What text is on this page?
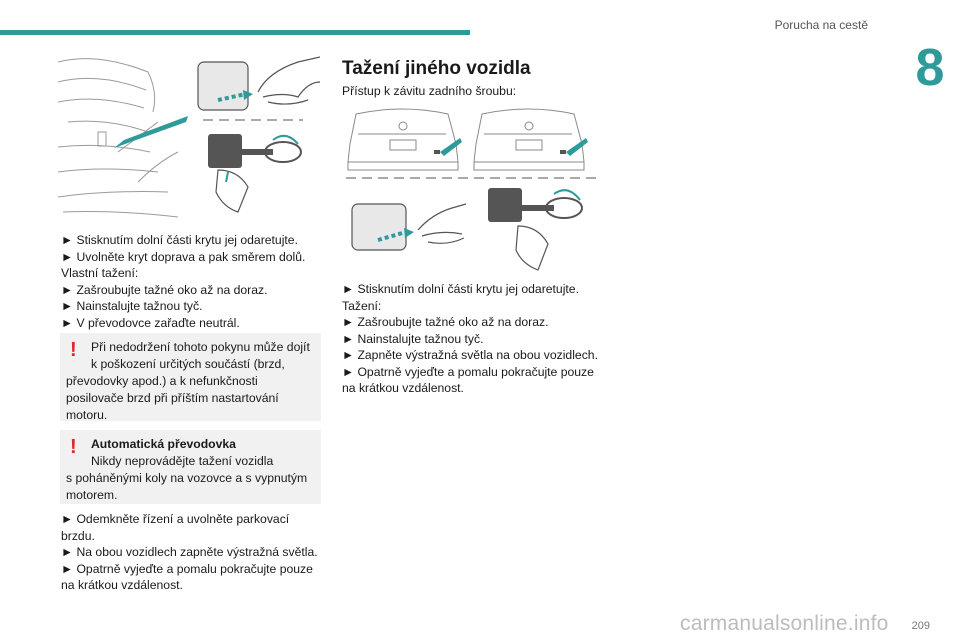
Porucha na cestě
8

► Stisknutím dolní části krytu jej odaretujte.

► Uvolněte kryt doprava a pak směrem dolů.

Vlastní tažení:

► Zašroubujte tažné oko až na doraz.

► Nainstalujte tažnou tyč.

► V převodovce zařaďte neutrál.

!	Při nedodržení tohoto pokynu může dojít
k poškození určitých součástí (brzd,
převodovky apod.) a k nefunkčnosti posilovače brzd při příštím nastartování motoru.
!	Automatická převodovka
Nikdy neprovádějte tažení vozidla
s poháněnými koly na vozovce a s vypnutým motorem.

► Odemkněte řízení a uvolněte parkovací brzdu.

► Na obou vozidlech zapněte výstražná světla.

► Opatrně vyjeďte a pomalu pokračujte pouze na krátkou vzdálenost.

Tažení jiného vozidla
Přístup k závitu zadního šroubu:

► Stisknutím dolní části krytu jej odaretujte.

Tažení:

► Zašroubujte tažné oko až na doraz.

► Nainstalujte tažnou tyč.

► Zapněte výstražná světla na obou vozidlech.

► Opatrně vyjeďte a pomalu pokračujte pouze na krátkou vzdálenost.

209
carmanualsonline.info
